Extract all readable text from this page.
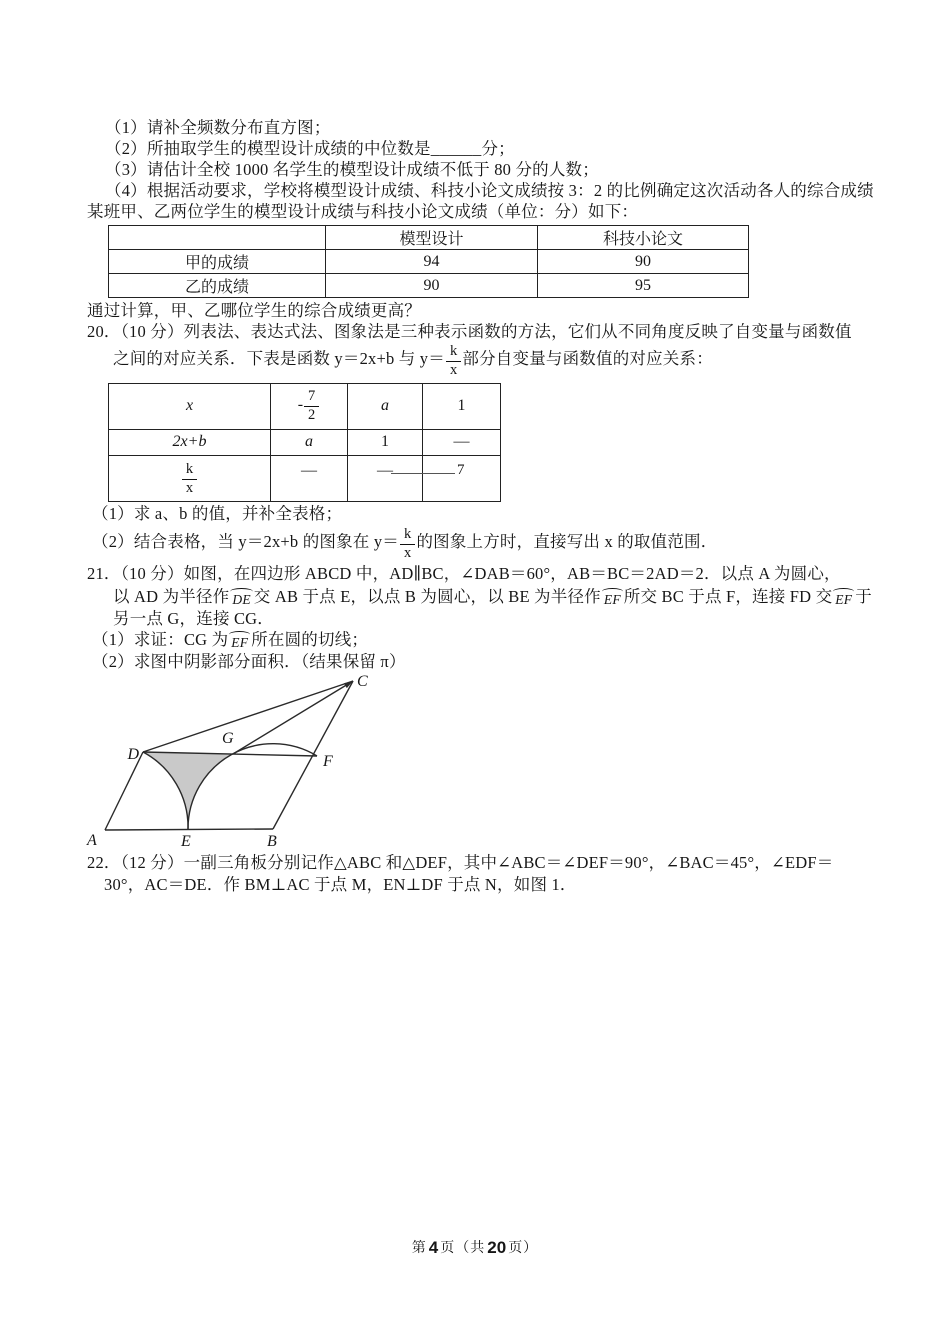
（1）请补全频数分布直方图；
（2）所抽取学生的模型设计成绩的中位数是______分；
（3）请估计全校 1000 名学生的模型设计成绩不低于 80 分的人数；
（4）根据活动要求，学校将模型设计成绩、科技小论文成绩按 3：2 的比例确定这次活动各人的综合成绩
某班甲、乙两位学生的模型设计成绩与科技小论文成绩（单位：分）如下：
	模型设计	科技小论文
甲的成绩	94	90
乙的成绩	90	95
通过计算，甲、乙哪位学生的综合成绩更高？
20．（10 分）列表法、表达式法、图象法是三种表示函数的方法，它们从不同角度反映了自变量与函数值
之间的对应关系．下表是函数 y＝2x+b 与 $y= \frac{k}{x}$ 部分自变量与函数值的对应关系：
x	- $\frac{7}{2}$	a	1
2x+b	a	1	—

$\frac{k}{x}$	—	—	7
（1）求 a、b 的值，并补全表格；
（2）结合表格，当 y＝2x+b 的图象在 $y= \frac{k}{x}$ 的图象上方时，直接写出 x 的取值范围．
21．（10 分）如图，在四边形 ABCD 中，AD∥BC，∠DAB＝60°，AB＝BC＝2AD＝2．以点 A 为圆心，
以 AD 为半径作 DE 交 AB 于点 E，以点 B 为圆心，以 BE 为半径作 EF 所交 BC 于点 F，连接 FD 交 EF 于
另一点 G，连接 CG．
（1）求证：CG 为 EF 所在圆的切线；
（2）求图中阴影部分面积．（结果保留 π）
A	E	B
D
G
F
C
22．（12 分）一副三角板分别记作△ABC 和△DEF，其中∠ABC＝∠DEF＝90°，∠BAC＝45°，∠EDF＝
30°，AC＝DE．作 BM⊥AC 于点 M，EN⊥DF 于点 N，如图 1．
第 4 页（共 20 页）
